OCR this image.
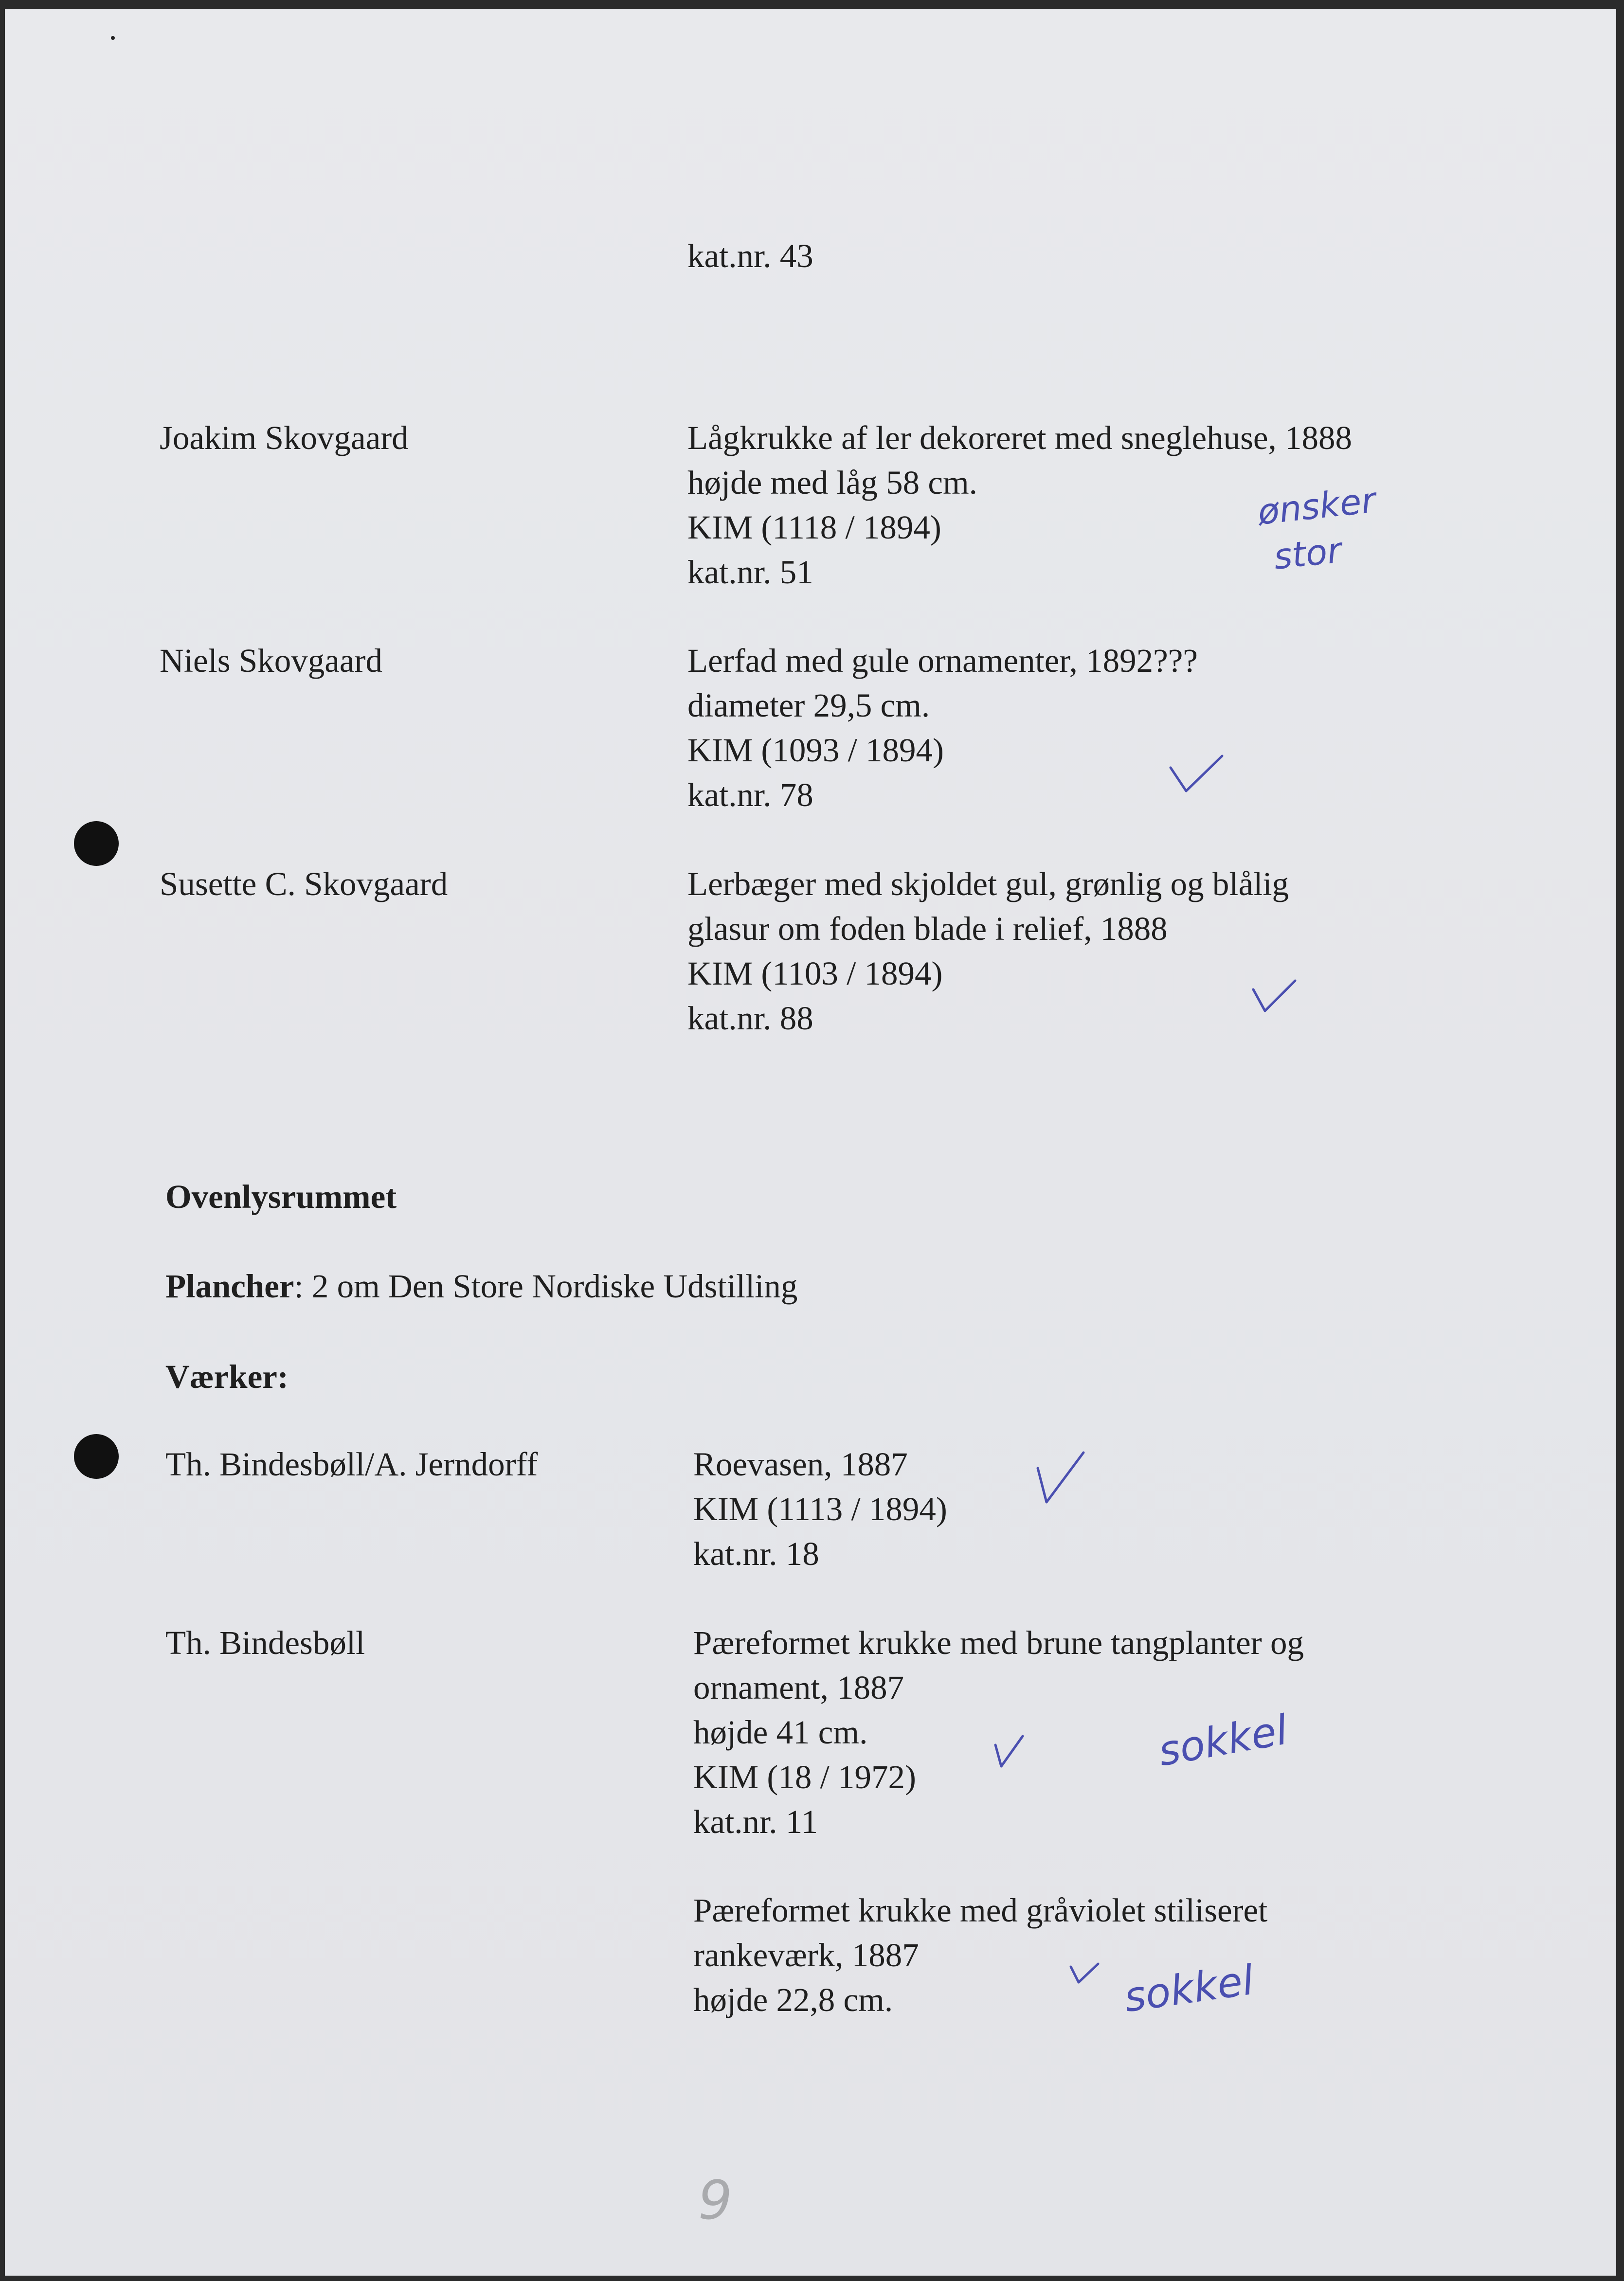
kat.nr. 43
Joakim Skovgaard	Lågkrukke af ler dekoreret med sneglehuse, 1888
højde med låg 58 cm.
KIM (1118 / 1894)
kat.nr. 51
ønsker
stor
Niels Skovgaard	Lerfad med gule ornamenter, 1892???
diameter 29,5 cm.
KIM (1093 / 1894)
kat.nr. 78
Susette C. Skovgaard	Lerbæger med skjoldet gul, grønlig og blålig
glasur om foden blade i relief, 1888
KIM (1103 / 1894)
kat.nr. 88
Ovenlysrummet
Plancher: 2 om Den Store Nordiske Udstilling
Værker:
Th. Bindesbøll/A. Jerndorff	Roevasen, 1887
KIM (1113 / 1894)
kat.nr. 18
Th. Bindesbøll	Pæreformet krukke med brune tangplanter og
ornament, 1887
højde 41 cm.
KIM (18 / 1972)
kat.nr. 11
sokkel
Pæreformet krukke med gråviolet stiliseret
rankeværk, 1887
højde 22,8 cm.	sokkel
9
